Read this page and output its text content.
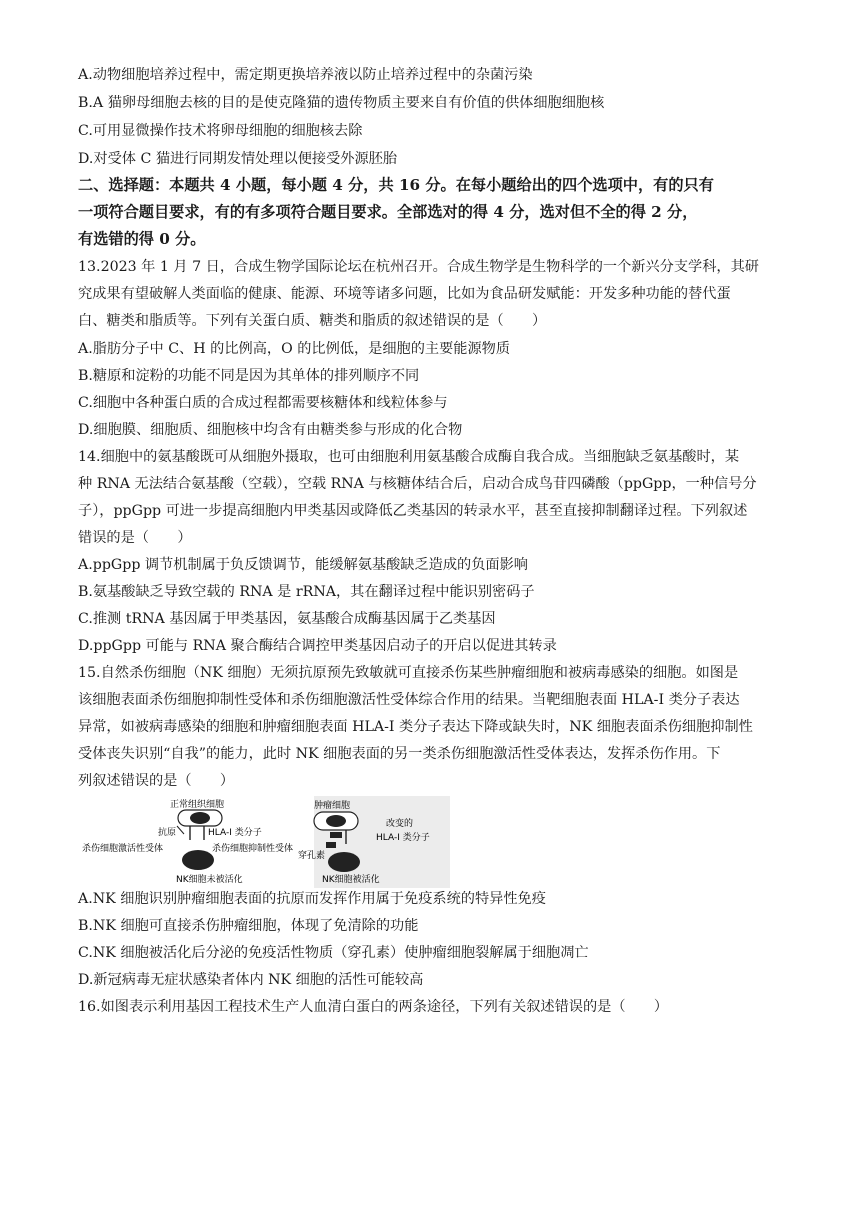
A.动物细胞培养过程中，需定期更换培养液以防止培养过程中的杂菌污染
B.A 猫卵母细胞去核的目的是使克隆猫的遗传物质主要来自有价值的供体细胞细胞核
C.可用显微操作技术将卵母细胞的细胞核去除
D.对受体 C 猫进行同期发情处理以便接受外源胚胎
二、选择题：本题共 4 小题，每小题 4 分，共 16 分。在每小题给出的四个选项中，有的只有
一项符合题目要求，有的有多项符合题目要求。全部选对的得 4 分，选对但不全的得 2 分，
有选错的得 0 分。
13.2023 年 1 月 7 日，合成生物学国际论坛在杭州召开。合成生物学是生物科学的一个新兴分支学科，其研
究成果有望破解人类面临的健康、能源、环境等诸多问题，比如为食品研发赋能：开发多种功能的替代蛋
白、糖类和脂质等。下列有关蛋白质、糖类和脂质的叙述错误的是（　　）
A.脂肪分子中 C、H 的比例高，O 的比例低，是细胞的主要能源物质
B.糖原和淀粉的功能不同是因为其单体的排列顺序不同
C.细胞中各种蛋白质的合成过程都需要核糖体和线粒体参与
D.细胞膜、细胞质、细胞核中均含有由糖类参与形成的化合物
14.细胞中的氨基酸既可从细胞外摄取，也可由细胞利用氨基酸合成酶自我合成。当细胞缺乏氨基酸时，某
种 RNA 无法结合氨基酸（空载），空载 RNA 与核糖体结合后，启动合成鸟苷四磷酸（ppGpp，一种信号分
子），ppGpp 可进一步提高细胞内甲类基因或降低乙类基因的转录水平，甚至直接抑制翻译过程。下列叙述
错误的是（　　）
A.ppGpp 调节机制属于负反馈调节，能缓解氨基酸缺乏造成的负面影响
B.氨基酸缺乏导致空载的 RNA 是 rRNA，其在翻译过程中能识别密码子
C.推测 tRNA 基因属于甲类基因，氨基酸合成酶基因属于乙类基因
D.ppGpp 可能与 RNA 聚合酶结合调控甲类基因启动子的开启以促进其转录
15.自然杀伤细胞（NK 细胞）无须抗原预先致敏就可直接杀伤某些肿瘤细胞和被病毒感染的细胞。如图是
该细胞表面杀伤细胞抑制性受体和杀伤细胞激活性受体综合作用的结果。当靶细胞表面 HLA-I 类分子表达
异常，如被病毒感染的细胞和肿瘤细胞表面 HLA-I 类分子表达下降或缺失时，NK 细胞表面杀伤细胞抑制性
受体丧失识别“自我”的能力，此时 NK 细胞表面的另一类杀伤细胞激活性受体表达，发挥杀伤作用。下
列叙述错误的是（　　）
正常组织细胞
抗原	HLA-I 类分子
杀伤细胞激活性受体	杀伤细胞抑制性受体
NK细胞未被活化
肿瘤细胞
改变的
HLA-I 类分子
穿孔素
NK细胞被活化
A.NK 细胞识别肿瘤细胞表面的抗原而发挥作用属于免疫系统的特异性免疫
B.NK 细胞可直接杀伤肿瘤细胞，体现了免清除的功能
C.NK 细胞被活化后分泌的免疫活性物质（穿孔素）使肿瘤细胞裂解属于细胞凋亡
D.新冠病毒无症状感染者体内 NK 细胞的活性可能较高
16.如图表示利用基因工程技术生产人血清白蛋白的两条途径，下列有关叙述错误的是（　　）
